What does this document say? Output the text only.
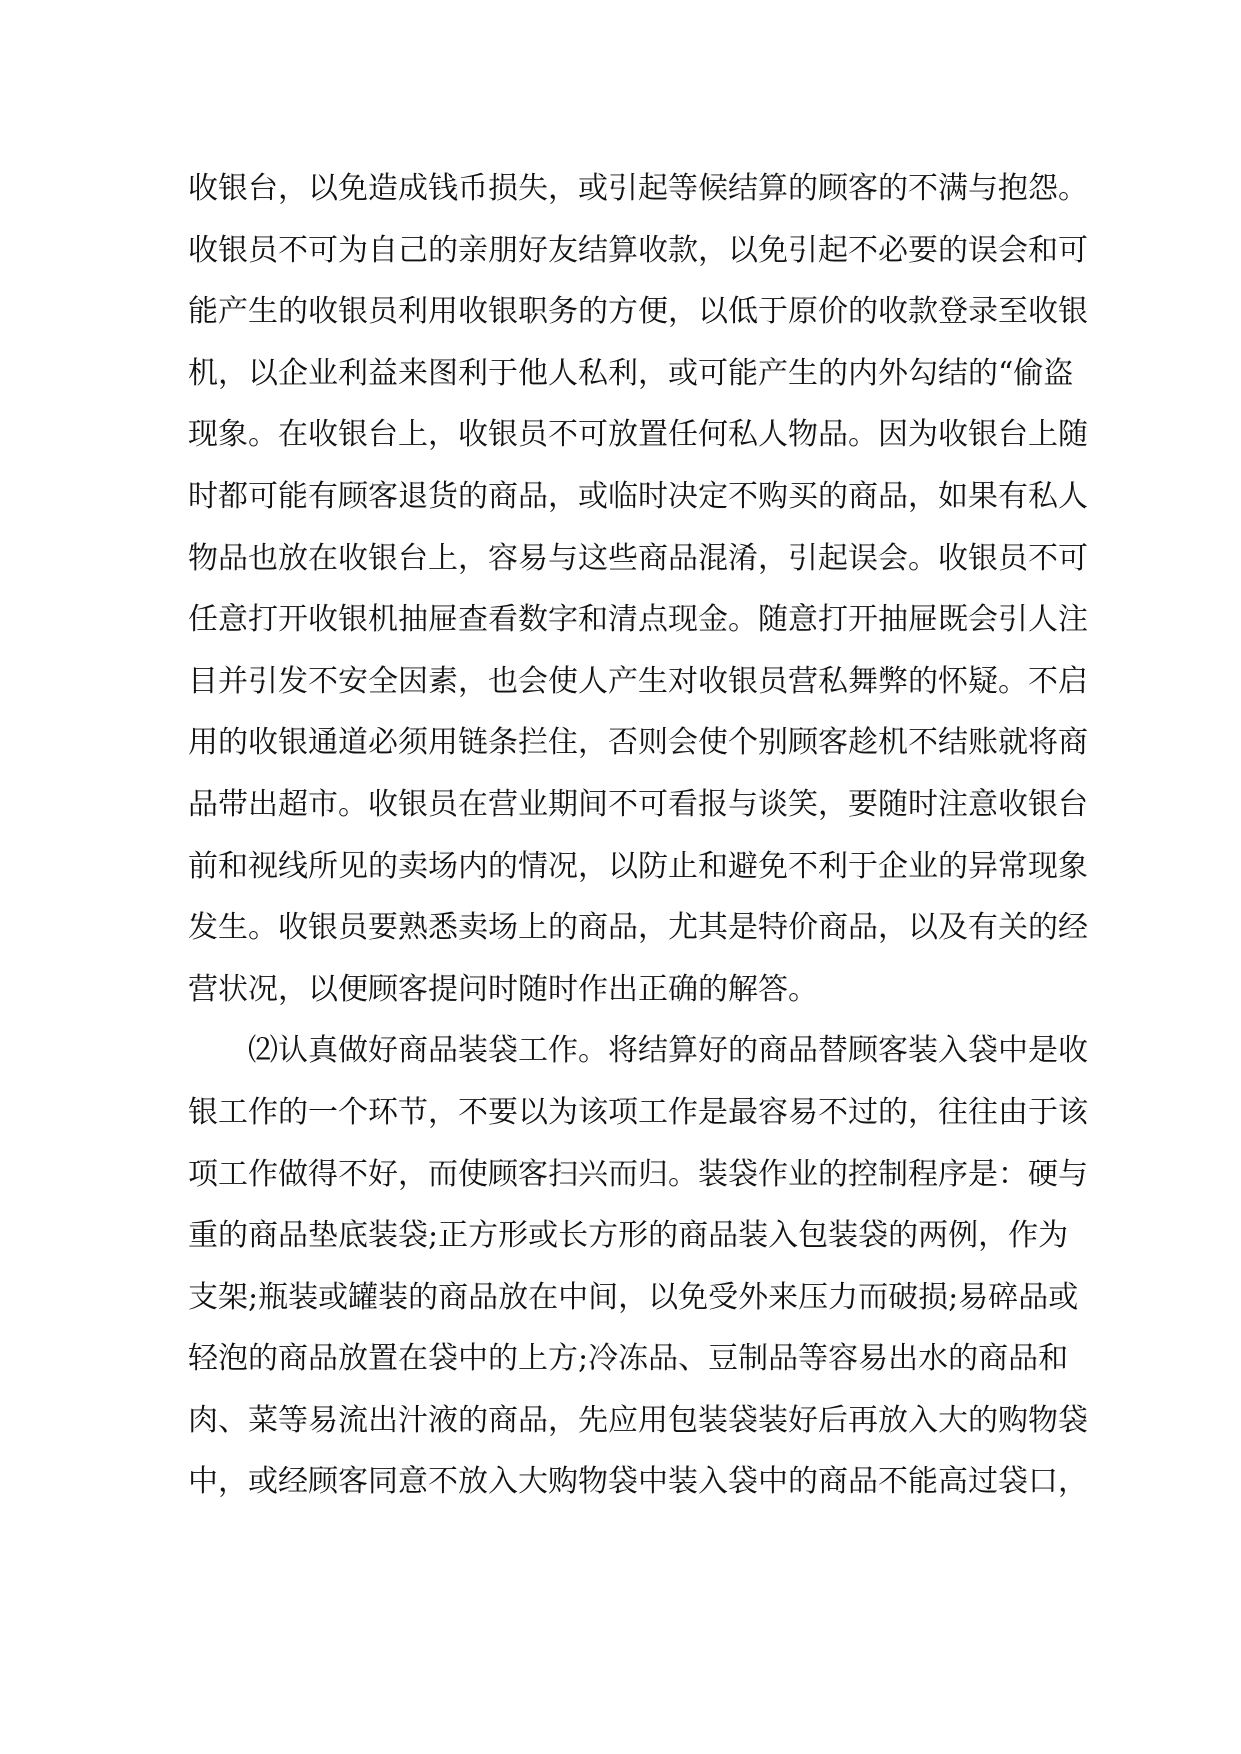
收银台，以免造成钱币损失，或引起等候结算的顾客的不满与抱怨。
收银员不可为自己的亲朋好友结算收款，以免引起不必要的误会和可
能产生的收银员利用收银职务的方便，以低于原价的收款登录至收银
机，以企业利益来图利于他人私利，或可能产生的内外勾结的“偷盗
现象。在收银台上，收银员不可放置任何私人物品。因为收银台上随
时都可能有顾客退货的商品，或临时决定不购买的商品，如果有私人
物品也放在收银台上，容易与这些商品混淆，引起误会。收银员不可
任意打开收银机抽屉查看数字和清点现金。随意打开抽屉既会引人注
目并引发不安全因素，也会使人产生对收银员营私舞弊的怀疑。不启
用的收银通道必须用链条拦住，否则会使个别顾客趁机不结账就将商
品带出超市。收银员在营业期间不可看报与谈笑，要随时注意收银台
前和视线所见的卖场内的情况，以防止和避免不利于企业的异常现象
发生。收银员要熟悉卖场上的商品，尤其是特价商品，以及有关的经
营状况，以便顾客提问时随时作出正确的解答。
⑵认真做好商品装袋工作。将结算好的商品替顾客装入袋中是收
银工作的一个环节，不要以为该项工作是最容易不过的，往往由于该
项工作做得不好，而使顾客扫兴而归。装袋作业的控制程序是：硬与
重的商品垫底装袋;正方形或长方形的商品装入包装袋的两例，作为
支架;瓶装或罐装的商品放在中间，以免受外来压力而破损;易碎品或
轻泡的商品放置在袋中的上方;冷冻品、豆制品等容易出水的商品和
肉、菜等易流出汁液的商品，先应用包装袋装好后再放入大的购物袋
中，或经顾客同意不放入大购物袋中装入袋中的商品不能高过袋口，
